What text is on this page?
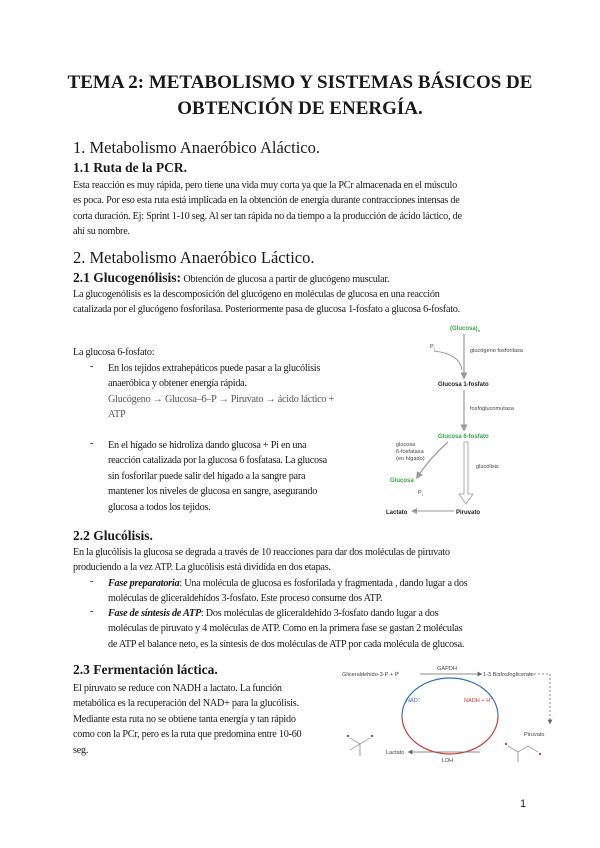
TEMA 2: METABOLISMO Y SISTEMAS BÁSICOS DE
OBTENCIÓN DE ENERGÍA.
1. Metabolismo Anaeróbico Aláctico.
1.1 Ruta de la PCR.
Esta reacción es muy rápida, pero tiene una vida muy corta ya que la PCr almacenada en el músculo
es poca. Por eso esta ruta está implicada en la obtención de energía durante contracciones intensas de
corta duración. Ej: Sprint 1-10 seg. Al ser tan rápida no da tiempo a la producción de ácido láctico, de
ahí su nombre.
2. Metabolismo Anaeróbico Láctico.
2.1 Glucogenólisis: Obtención de glucosa a partir de glucógeno muscular.
La glucogenólisis es la descomposición del glucógeno en moléculas de glucosa en una reacción
catalizada por el glucógeno fosforilasa. Posteriormente pasa de glucosa 1-fosfato a glucosa 6-fosfato.
La glucosa 6-fosfato:
- En los tejidos extrahepáticos puede pasar a la glucólisis
anaeróbica y obtener energía rápida.
Glucógeno → Glucosa–6–P → Piruvato → ácido láctico +
ATP
- En el hígado se hidroliza dando glucosa + Pi en una
reacción catalizada por la glucosa 6 fosfatasa. La glucosa
sin fosforilar puede salir del hígado a la sangre para
mantener los niveles de glucosa en sangre, asegurando
glucosa a todos los tejidos.
$(Glucosa)_n$
$P_i$	glucógeno fosforilasa
Glucosa 1-fosfato
fosfoglucomutasa
Glucosa 6-fosfato
glucosa
6-fosfatasa
(en hígado)
Glucosa
$P_i$
glucólisis
Lactato	Piruvato
2.2 Glucólisis.
En la glucólisis la glucosa se degrada a través de 10 reacciones para dar dos moléculas de piruvato
produciendo a la vez ATP. La glucólisis está dividida en dos etapas.
- Fase preparatoria: Una molécula de glucosa es fosforilada y fragmentada , dando lugar a dos
moléculas de gliceraldehídos 3-fosfato. Este proceso consume dos ATP.
- Fase de síntesis de ATP: Dos moléculas de gliceraldehído 3-fosfato dando lugar a dos
moléculas de piruvato y 4 moléculas de ATP. Como en la primera fase se gastan 2 moléculas
de ATP el balance neto, es la síntesis de dos moléculas de ATP por cada molécula de glucosa.
2.3 Fermentación láctica.
El piruvato se reduce con NADH a lactato. La función
metabólica es la recuperación del NAD+ para la glucólisis.
Mediante esta ruta no se obtiene tanta energía y tan rápido
como con la PCr, pero es la ruta que predomina entre 10-60
seg.
Gliceraldehido-3-P + $P^i$
GAPDH
1-3 Bisfosfoglicerato
NAD+	NADH + H+
Lactato
LDH
Piruvato
1
